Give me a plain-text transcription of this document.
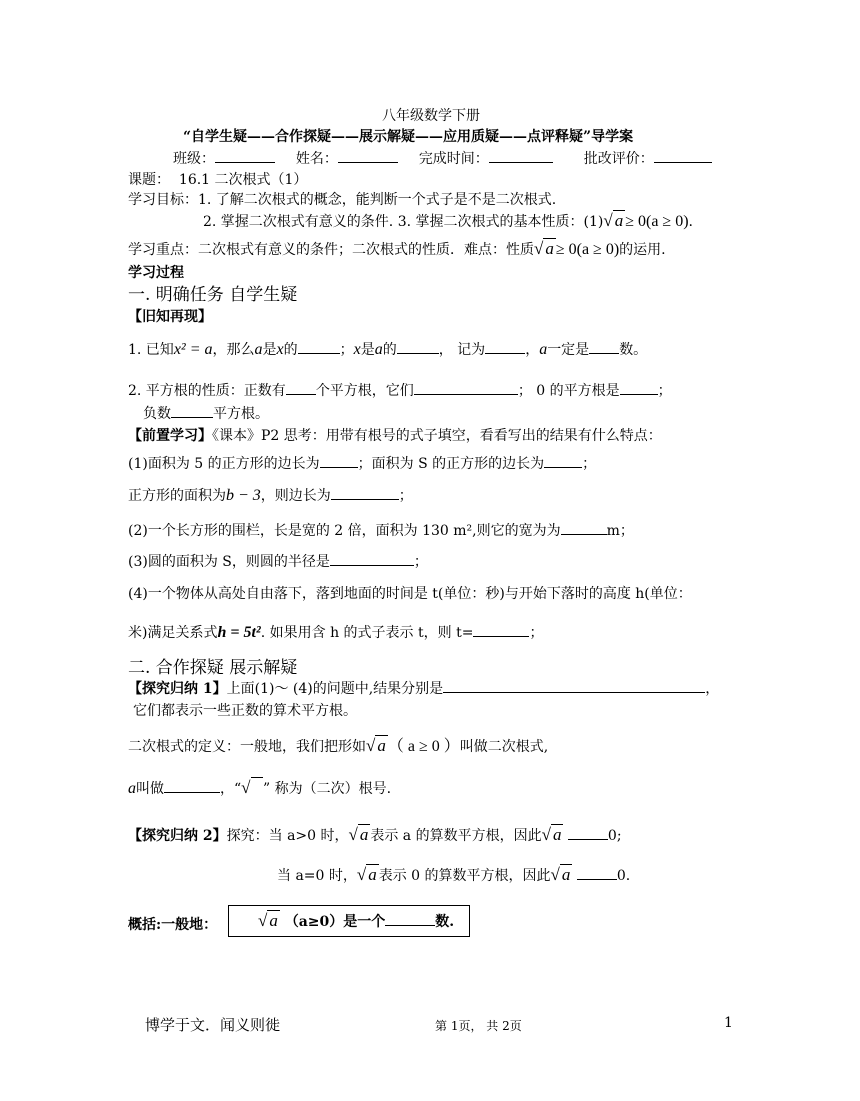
八年级数学下册
“自学生疑——合作探疑——展示解疑——应用质疑——点评释疑”导学案
班级：	姓名：	完成时间：	批改评价：
课题： 16.1 二次根式（1）
学习目标：1. 了解二次根式的概念，能判断一个式子是不是二次根式.
2. 掌握二次根式有意义的条件. 3. 掌握二次根式的基本性质：(1)√ a ≥ 0(a ≥ 0).
学习重点：二次根式有意义的条件；二次根式的性质．难点：性质√ a ≥ 0(a ≥ 0)的运用.
学习过程
一. 明确任务 自学生疑
【旧知再现】
1. 已知x² = a，那么a是x的	；x是a的	， 记为	，a一定是 数。
2. 平方根的性质：正数有 个平方根，它们	； 0 的平方根是	；
负数	平方根。
【前置学习】《课本》P2 思考：用带有根号的式子填空，看看写出的结果有什么特点：
(1)面积为 5 的正方形的边长为	；面积为 S 的正方形的边长为	；
正方形的面积为b − 3，则边长为	；
(2)一个长方形的围栏，长是宽的 2 倍，面积为 130 m²,则它的宽为为	m；
(3)圆的面积为 S，则圆的半径是	；
(4)一个物体从高处自由落下，落到地面的时间是 t(单位：秒)与开始下落时的高度 h(单位：
米)满足关系式h = 5t². 如果用含 h 的式子表示 t，则 t=	；
二. 合作探疑 展示解疑
【探究归纳 1】上面(1)～ (4)的问题中,结果分别是	，
它们都表示一些正数的算术平方根。
二次根式的定义：一般地，我们把形如√ a （ a ≥ 0 ）叫做二次根式,
a叫做	，“√ ” 称为（二次）根号.
【探究归纳 2】探究：当 a>0 时，√ a 表示 a 的算数平方根，因此√ a	0;
当 a=0 时，√ a 表示 0 的算数平方根，因此√ a	0.
概括:一般地： √ a （a≥0）是一个	数.
博学于文．闻义则徙	第 1页， 共 2页	1
